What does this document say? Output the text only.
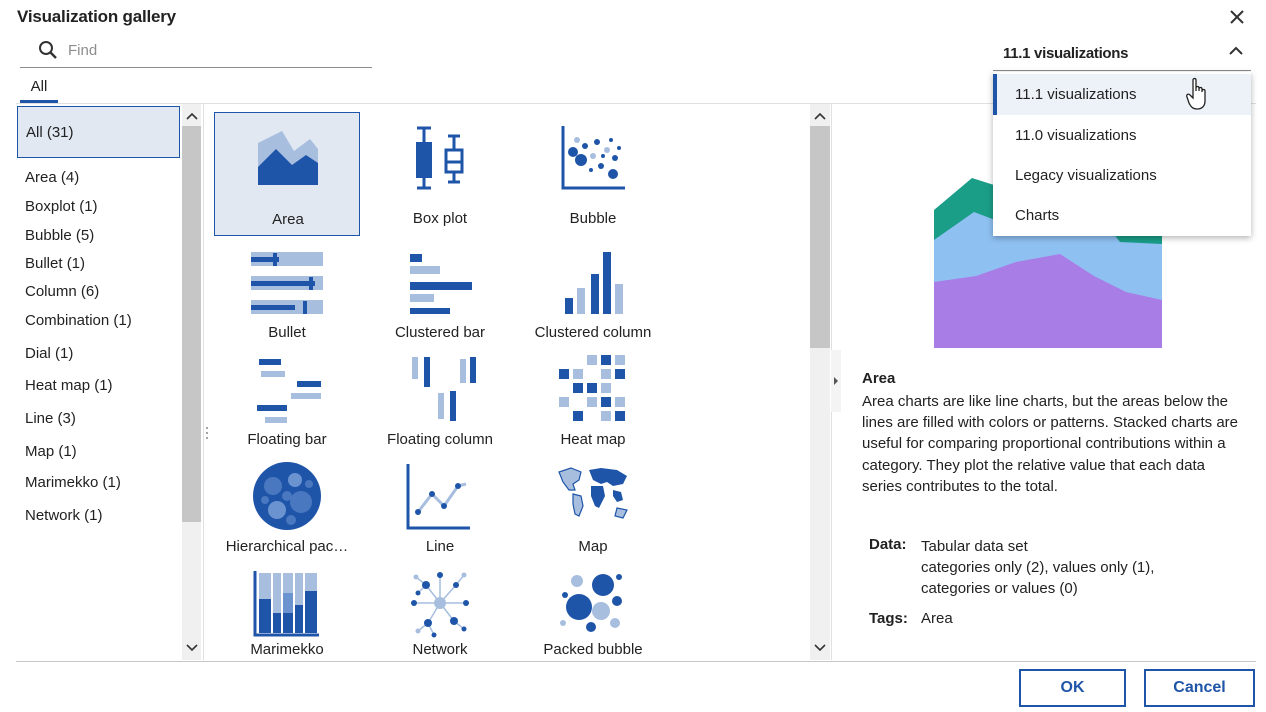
Visualization gallery
Find
All
All (31)
Area (4)
Boxplot (1)
Bubble (5)
Bullet (1)
Column (6)
Combination (1)
Dial (1)
Heat map (1)
Line (3)
Map (1)
Marimekko (1)
Network (1)
Area	Box plot	Bubble
Bullet	Clustered bar	Clustered column
Floating bar	Floating column	Heat map
Hierarchical pac…	Line	Map
Marimekko	Network	Packed bubble
Area
Area charts are like line charts, but the areas below the lines are filled with colors or patterns. Stacked charts are useful for comparing proportional contributions within a category. They plot the relative value that each data series contributes to the total.
Data: Tabular data set
categories only (2), values only (1),
categories or values (0)
Tags: Area
11.1 visualizations
11.1 visualizations
11.0 visualizations
Legacy visualizations
Charts
OK	Cancel
